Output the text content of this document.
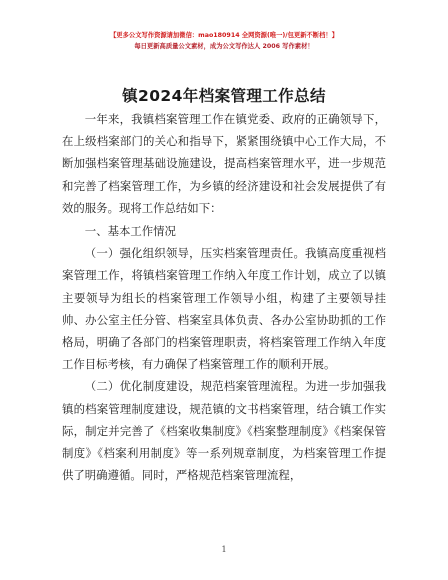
【更多公文写作资源请加微信：mao180914 全网资源(唯一)/包更新不断档！】
每日更新高质量公文素材，成为公文写作达人 2006 写作素材！
镇2024年档案管理工作总结

一年来，我镇档案管理工作在镇党委、政府的正确领导下，在上级档案部门的关心和指导下，紧紧围绕镇中心工作大局，不断加强档案管理基础设施建设，提高档案管理水平，进一步规范和完善了档案管理工作，为乡镇的经济建设和社会发展提供了有效的服务。现将工作总结如下：

一、基本工作情况

（一）强化组织领导，压实档案管理责任。我镇高度重视档案管理工作，将镇档案管理工作纳入年度工作计划，成立了以镇主要领导为组长的档案管理工作领导小组，构建了主要领导挂帅、办公室主任分管、档案室具体负责、各办公室协助抓的工作格局，明确了各部门的档案管理职责，将档案管理工作纳入年度工作目标考核，有力确保了档案管理工作的顺利开展。

（二）优化制度建设，规范档案管理流程。为进一步加强我镇的档案管理制度建设，规范镇的文书档案管理，结合镇工作实际，制定并完善了《档案收集制度》《档案整理制度》《档案保管制度》《档案利用制度》等一系列规章制度，为档案管理工作提供了明确遵循。同时，严格规范档案管理流程，

1
